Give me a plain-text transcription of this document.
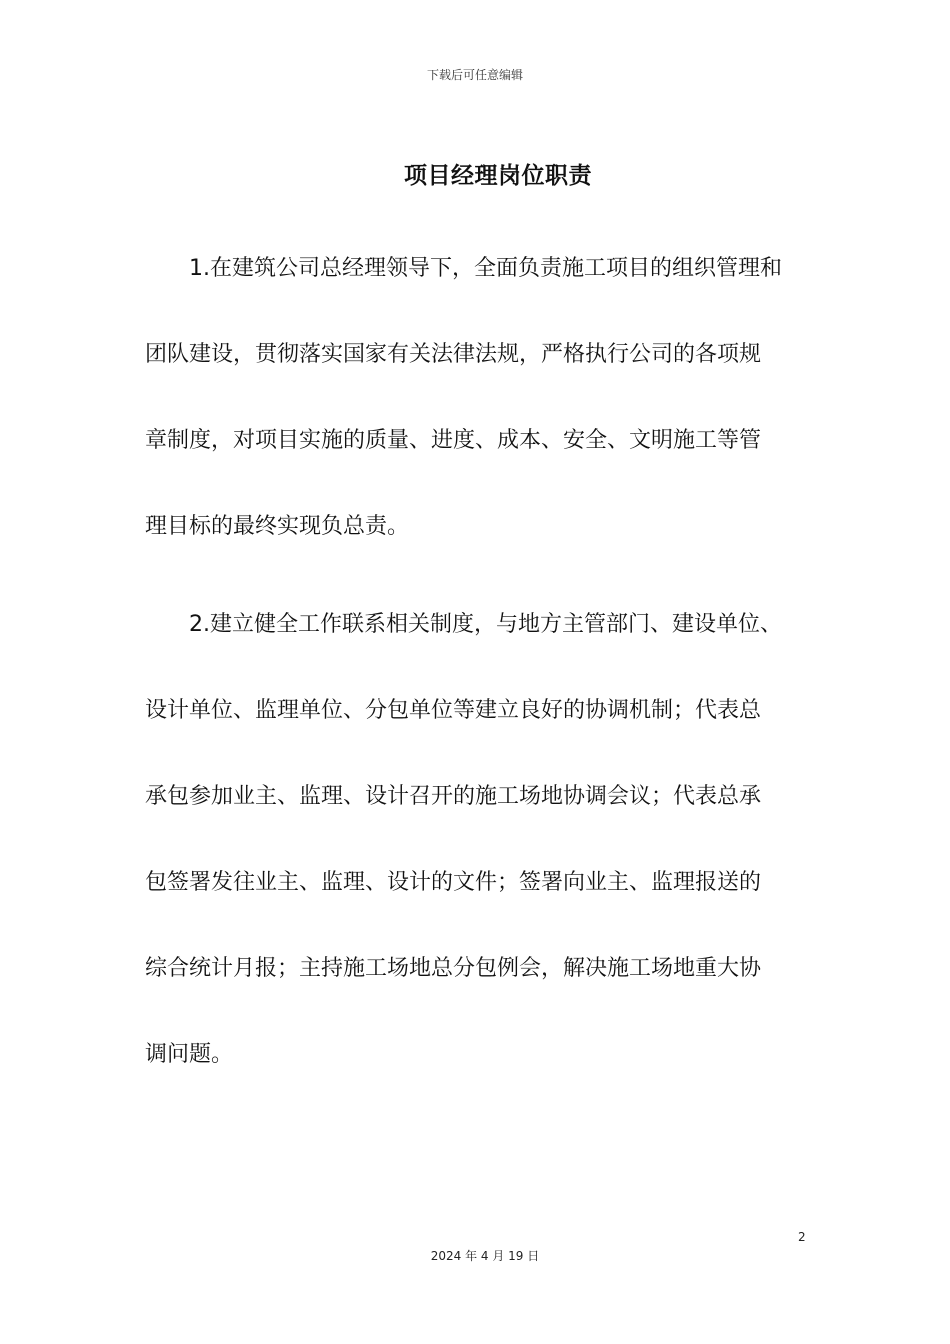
下载后可任意编辑
项目经理岗位职责

1.在建筑公司总经理领导下，全面负责施工项目的组织管理和
团队建设，贯彻落实国家有关法律法规，严格执行公司的各项规
章制度，对项目实施的质量、进度、成本、安全、文明施工等管
理目标的最终实现负总责。

2.建立健全工作联系相关制度，与地方主管部门、建设单位、
设计单位、监理单位、分包单位等建立良好的协调机制；代表总
承包参加业主、监理、设计召开的施工场地协调会议；代表总承
包签署发往业主、监理、设计的文件；签署向业主、监理报送的
综合统计月报；主持施工场地总分包例会，解决施工场地重大协
调问题。

2
2024 年 4 月 19 日
